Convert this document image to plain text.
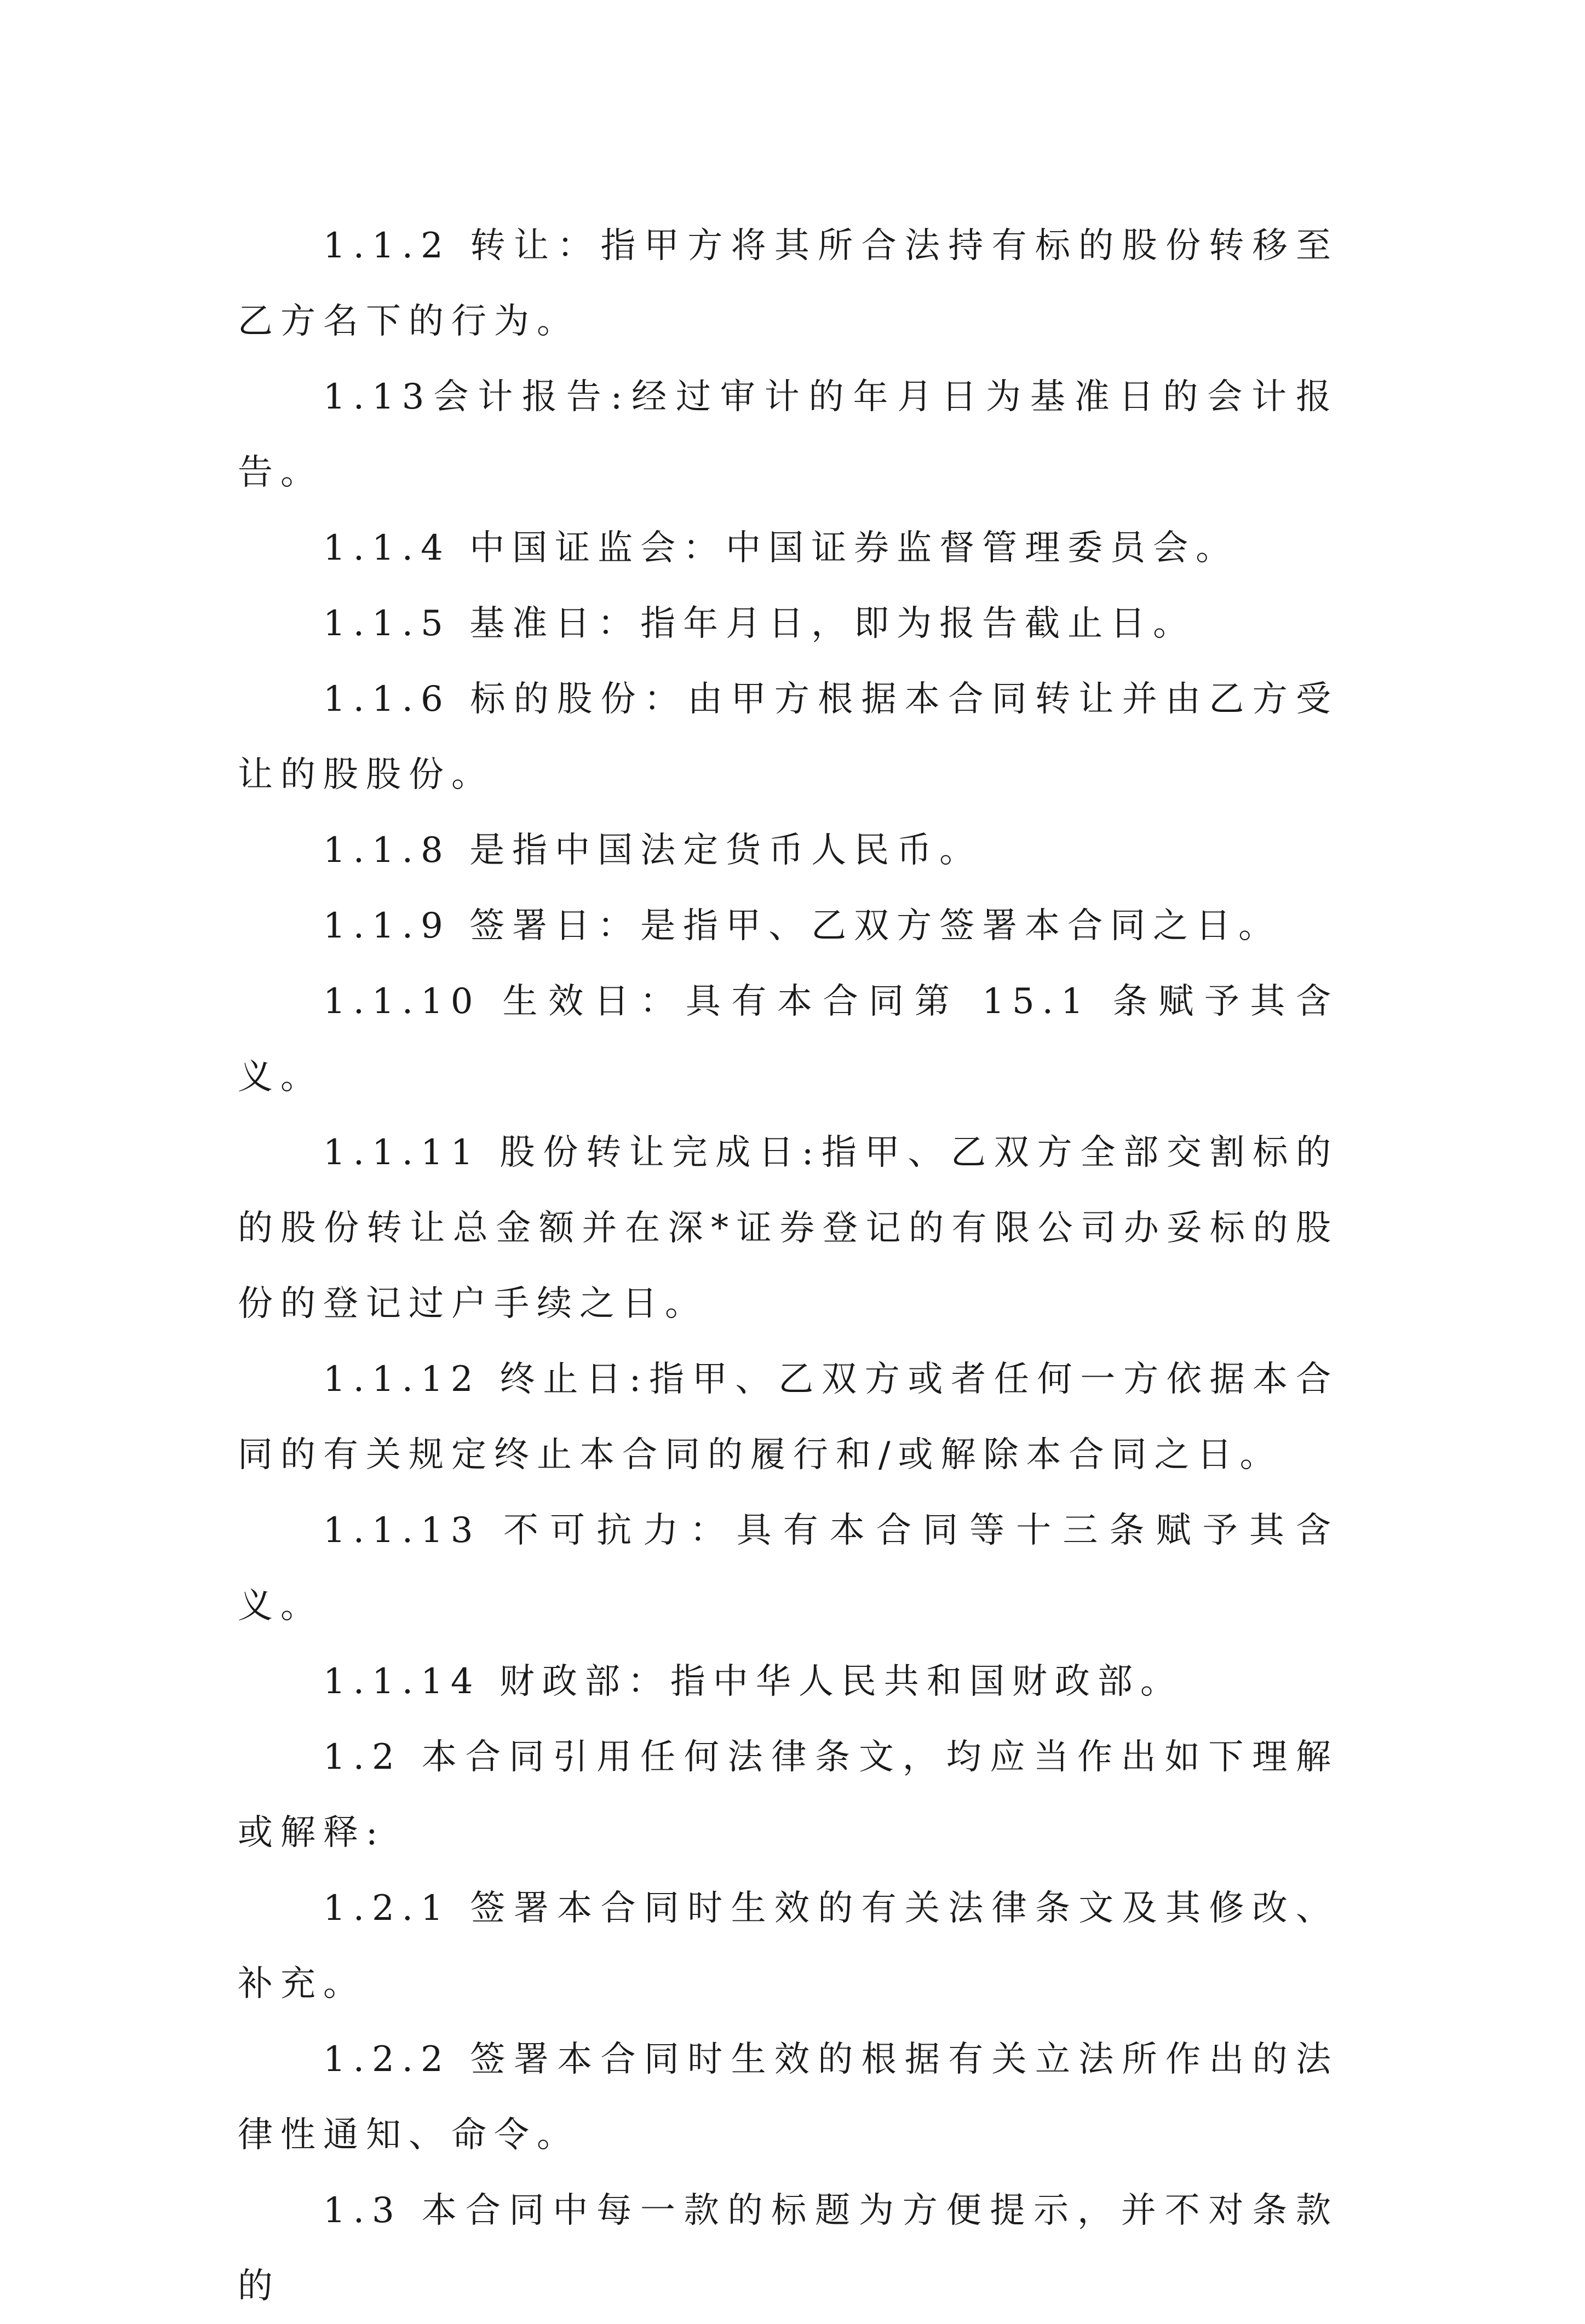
1.1.2 转让：指甲方将其所合法持有标的股份转移至乙方名下的行为。

1.13会计报告:经过审计的年月日为基准日的会计报告。

1.1.4 中国证监会：中国证券监督管理委员会。

1.1.5 基准日：指年月日，即为报告截止日。

1.1.6 标的股份：由甲方根据本合同转让并由乙方受让的股股份。

1.1.8 是指中国法定货币人民币。

1.1.9 签署日：是指甲、乙双方签署本合同之日。

1.1.10 生效日：具有本合同第 15.1 条赋予其含义。

1.1.11 股份转让完成日:指甲、乙双方全部交割标的的股份转让总金额并在深*证券登记的有限公司办妥标的股份的登记过户手续之日。

1.1.12 终止日:指甲、乙双方或者任何一方依据本合同的有关规定终止本合同的履行和/或解除本合同之日。

1.1.13 不可抗力：具有本合同等十三条赋予其含义。

1.1.14 财政部：指中华人民共和国财政部。

1.2 本合同引用任何法律条文，均应当作出如下理解或解释:

1.2.1 签署本合同时生效的有关法律条文及其修改、补充。

1.2.2 签署本合同时生效的根据有关立法所作出的法律性通知、命令。

1.3 本合同中每一款的标题为方便提示，并不对条款的
